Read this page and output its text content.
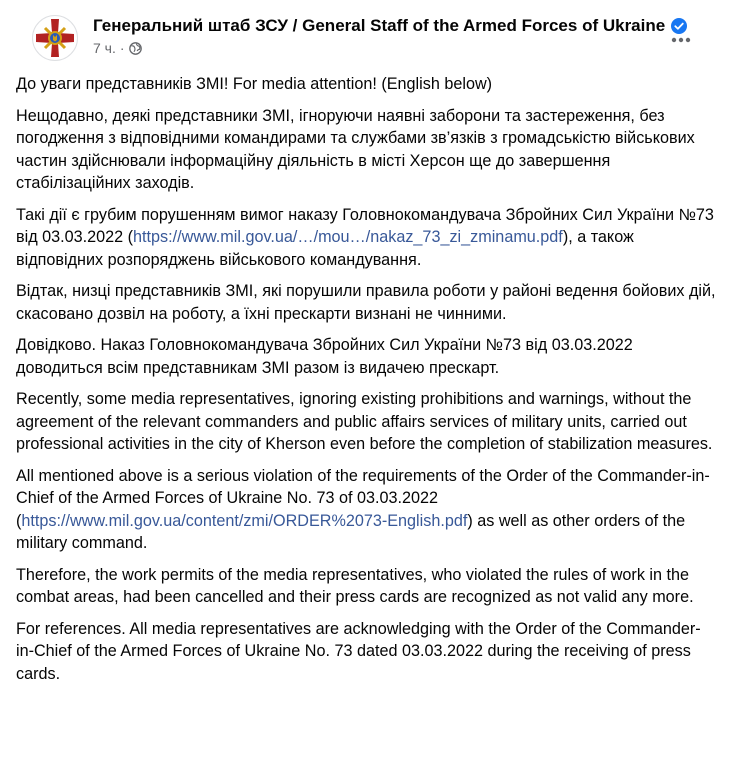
Генеральний штаб ЗСУ / General Staff of the Armed Forces of Ukraine
7 ч. ·

До уваги представників ЗМІ! For media attention! (English below)

Нещодавно, деякі представники ЗМІ, ігноруючи наявні заборони та застереження, без погодження з відповідними командирами та службами зв’язків з громадськістю військових частин здійснювали інформаційну діяльність в місті Херсон ще до завершення стабілізаційних заходів.

Такі дії є грубим порушенням вимог наказу Головнокомандувача Збройних Сил України №73 від 03.03.2022 (https://www.mil.gov.ua/…/mou…/nakaz_73_zi_zminamu.pdf), а також відповідних розпоряджень військового командування.

Відтак, низці представників ЗМІ, які порушили правила роботи у районі ведення бойових дій, скасовано дозвіл на роботу, а їхні прескарти визнані не чинними.

Довідково. Наказ Головнокомандувача Збройних Сил України №73 від 03.03.2022 доводиться всім представникам ЗМІ разом із видачею прескарт.

Recently, some media representatives, ignoring existing prohibitions and warnings, without the agreement of the relevant commanders and public affairs services of military units, carried out professional activities in the city of Kherson even before the completion of stabilization measures.

All mentioned above is a serious violation of the requirements of the Order of the Commander-in-Chief of the Armed Forces of Ukraine No. 73 of 03.03.2022 (https://www.mil.gov.ua/content/zmi/ORDER%2073-English.pdf) as well as other orders of the military command.

Therefore, the work permits of the media representatives, who violated the rules of work in the combat areas, had been cancelled and their press cards are recognized as not valid any more.

For references. All media representatives are acknowledging with the Order of the Commander-in-Chief of the Armed Forces of Ukraine No. 73 dated 03.03.2022 during the receiving of press cards.
